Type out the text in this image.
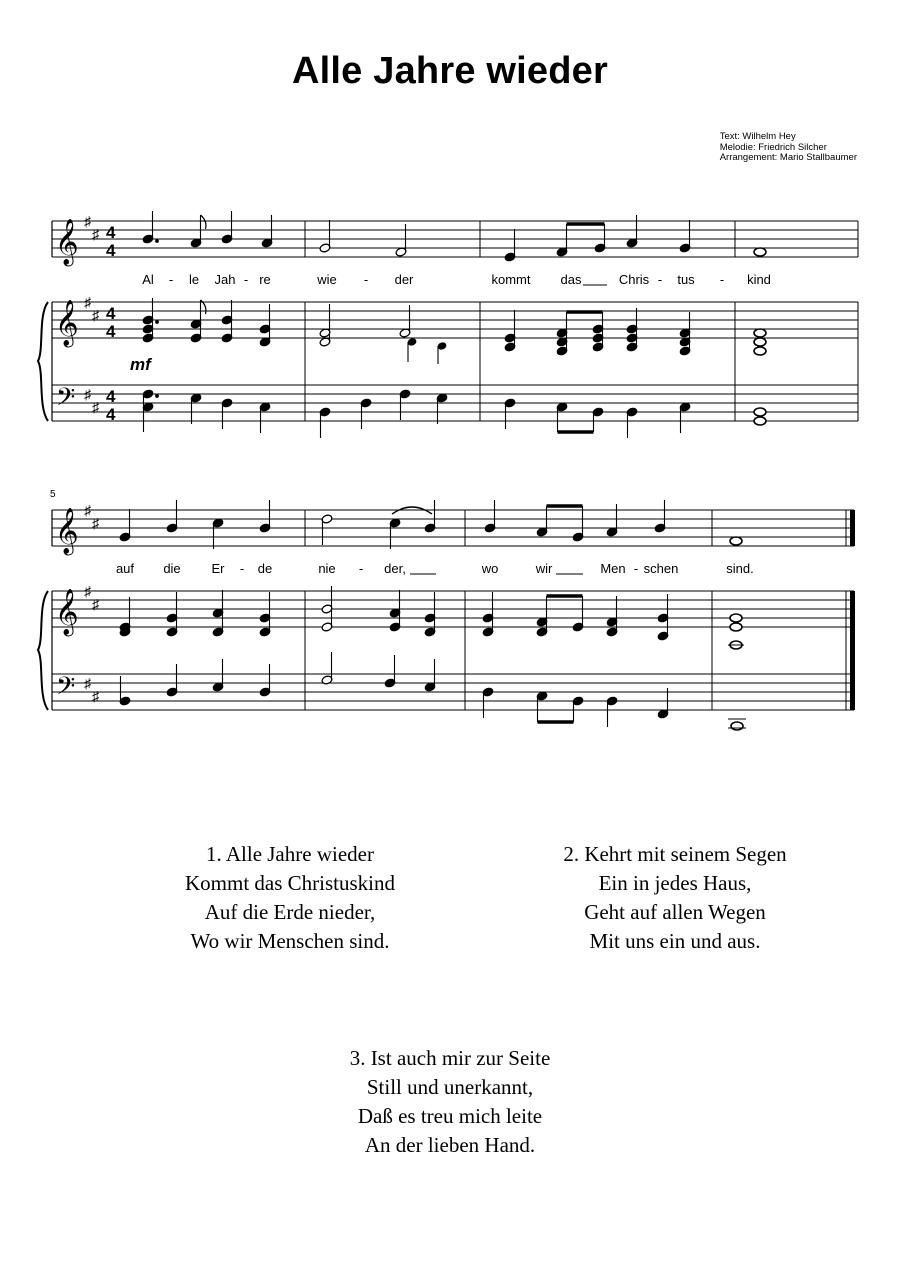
Alle Jahre wieder
Text: Wilhelm Hey
Melodie: Friedrich Silcher
Arrangement: Mario Stallbaumer
𝄞
𝄞
𝄢
♯
♯
♯
♯
♯
♯
4
4
4
4
4
4
Al - le Jah - re	wie - der	kommt das	Chris - tus - kind
mf
5
𝄞
𝄞
𝄢
♯
♯
♯
♯
♯
♯
auf die Er - de	nie - der,	wo	wir	Men - schen	sind.
1. Alle Jahre wieder
Kommt das Christuskind
Auf die Erde nieder,
Wo wir Menschen sind.
2. Kehrt mit seinem Segen
Ein in jedes Haus,
Geht auf allen Wegen
Mit uns ein und aus.
3. Ist auch mir zur Seite
Still und unerkannt,
Daß es treu mich leite
An der lieben Hand.
